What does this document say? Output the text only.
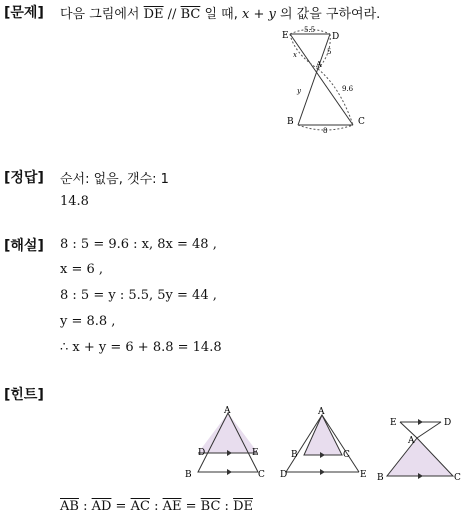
[문제] 다음 그림에서 $\overline{DE} // \overline{BC}$ 일 때, x + y 의 값을 구하여라.
E	D
A
B	C
5.5
x	5
y	9.6
8
[정답] 순서: 없음, 갯수: 1
14.8
[해설] 8 : 5 = 9.6 : x, 8x = 48 ,
x = 6 ,
8 : 5 = y : 5.5, 5y = 44 ,
y = 8.8 ,
∴ x + y = 6 + 8.8 = 14.8
[힌트]
A
D	E
B	C
A
B	C
D	E
E	D
A
B	C
$\overline{AB}$ : $\overline{AD} = \overline{AC}$ : $\overline{AE} = \overline{BC}$ : $\overline{DE}$
